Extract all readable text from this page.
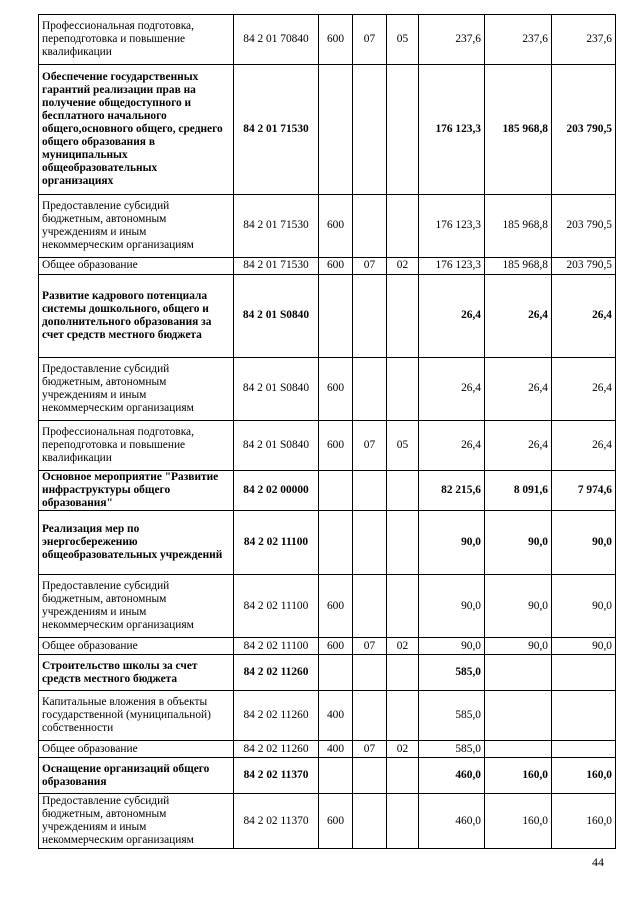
Профессиональная подготовка, переподготовка и повышение квалификации	84 2 01 70840	600	07	05	237,6	237,6	237,6
Обеспечение государственных гарантий реализации прав на получение общедоступного и бесплатного начального общего,основного общего, среднего общего образования в муниципальных общеобразовательных организациях	84 2 01 71530				176 123,3	185 968,8	203 790,5
Предоставление субсидий бюджетным, автономным учреждениям и иным некоммерческим организациям	84 2 01 71530	600			176 123,3	185 968,8	203 790,5
Общее образование	84 2 01 71530	600	07	02	176 123,3	185 968,8	203 790,5
Развитие кадрового потенциала системы дошкольного, общего и дополнительного образования за счет средств местного бюджета	84 2 01 S0840				26,4	26,4	26,4
Предоставление субсидий бюджетным, автономным учреждениям и иным некоммерческим организациям	84 2 01 S0840	600			26,4	26,4	26,4
Профессиональная подготовка, переподготовка и повышение квалификации	84 2 01 S0840	600	07	05	26,4	26,4	26,4
Основное мероприятие "Развитие инфраструктуры общего образования"	84 2 02 00000				82 215,6	8 091,6	7 974,6
Реализация мер по энергосбережению общеобразовательных учреждений	84 2 02 11100				90,0	90,0	90,0
Предоставление субсидий бюджетным, автономным учреждениям и иным некоммерческим организациям	84 2 02 11100	600			90,0	90,0	90,0
Общее образование	84 2 02 11100	600	07	02	90,0	90,0	90,0
Строительство школы за счет средств местного бюджета	84 2 02 11260				585,0		
Капитальные вложения в объекты государственной (муниципальной) собственности	84 2 02 11260	400			585,0		
Общее образование	84 2 02 11260	400	07	02	585,0		
Оснащение организаций общего образования	84 2 02 11370				460,0	160,0	160,0
Предоставление субсидий бюджетным, автономным учреждениям и иным некоммерческим организациям	84 2 02 11370	600			460,0	160,0	160,0
44
